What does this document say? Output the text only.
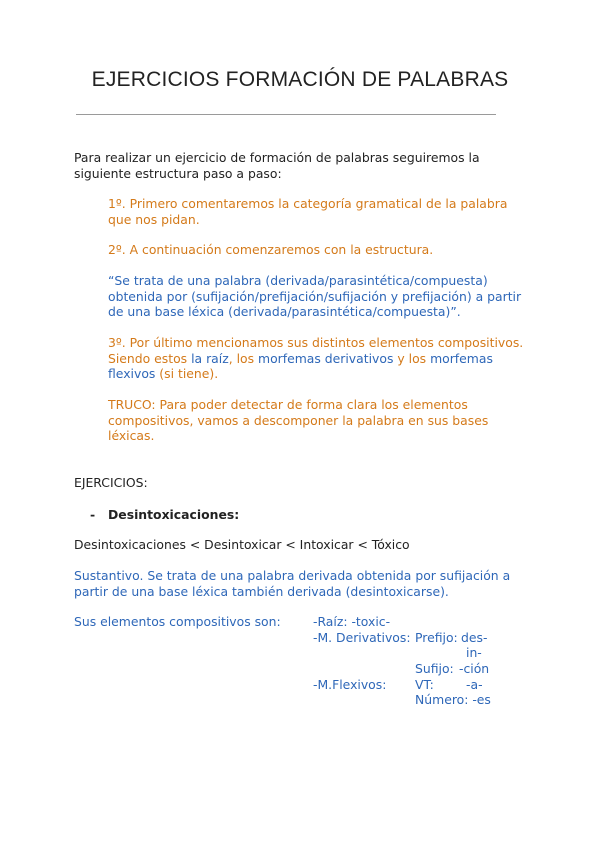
EJERCICIOS FORMACIÓN DE PALABRAS

Para realizar un ejercicio de formación de palabras seguiremos la siguiente estructura paso a paso:

1º. Primero comentaremos la categoría gramatical de la palabra que nos pidan.

2º. A continuación comenzaremos con la estructura.

“Se trata de una palabra (derivada/parasintética/compuesta) obtenida por (sufijación/prefijación/sufijación y prefijación) a partir de una base léxica (derivada/parasintética/compuesta)”.

3º. Por último mencionamos sus distintos elementos compositivos. Siendo estos la raíz, los morfemas derivativos y los morfemas flexivos (si tiene).

TRUCO: Para poder detectar de forma clara los elementos compositivos, vamos a descomponer la palabra en sus bases léxicas.

EJERCICIOS:

- Desintoxicaciones:

Desintoxicaciones < Desintoxicar < Intoxicar < Tóxico

Sustantivo. Se trata de una palabra derivada obtenida por sufijación a partir de una base léxica también derivada (desintoxicarse).

Sus elementos compositivos son:	-Raíz: -toxic-

-M. Derivativos: Prefijo: des-

in-

Sufijo: -ción

-M.Flexivos: VT:	-a-

Número: -es
